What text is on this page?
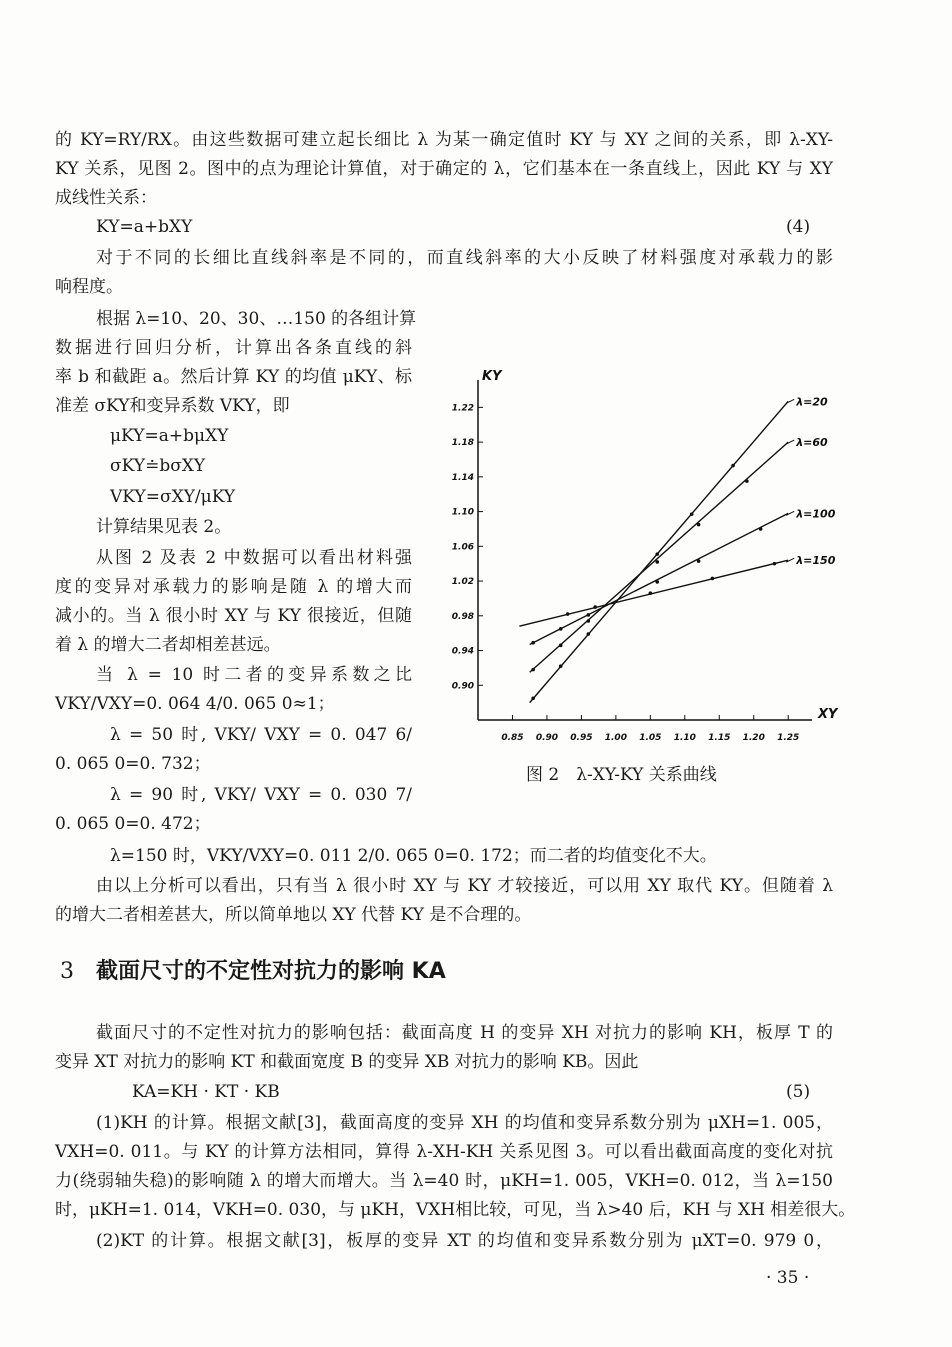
的 KY=RY/RX。由这些数据可建立起长细比 λ 为某一确定值时 KY 与 XY 之间的关系，即 λ-XY-
KY 关系，见图 2。图中的点为理论计算值，对于确定的 λ，它们基本在一条直线上，因此 KY 与 XY
成线性关系：
KY=a+bXY
对于不同的长细比直线斜率是不同的，而直线斜率的大小反映了材料强度对承载力的影
响程度。
根据 λ=10、20、30、…150 的各组计算
数据进行回归分析，计算出各条直线的斜
率 b 和截距 a。然后计算 KY 的均值 μKY、标
准差 σKY和变异系数 VKY，即
μKY=a+bμXY
σKY≐bσXY
VKY=σXY/μKY
计算结果见表 2。
从图 2 及表 2 中数据可以看出材料强
度的变异对承载力的影响是随 λ 的增大而
减小的。当 λ 很小时 XY 与 KY 很接近，但随
着 λ 的增大二者却相差甚远。
当 λ = 10 时二者的变异系数之比
VKY/VXY=0. 064 4/0. 065 0≈1；
λ = 50 时, VKY/ VXY = 0. 047 6/
0. 065 0=0. 732；
λ = 90 时, VKY/ VXY = 0. 030 7/
0. 065 0=0. 472；
λ=150 时，VKY/VXY=0. 011 2/0. 065 0=0. 172；而二者的均值变化不大。
由以上分析可以看出，只有当 λ 很小时 XY 与 KY 才较接近，可以用 XY 取代 KY。但随着 λ
的增大二者相差甚大，所以简单地以 XY 代替 KY 是不合理的。
截面尺寸的不定性对抗力的影响包括：截面高度 H 的变异 XH 对抗力的影响 KH，板厚 T 的
变异 XT 对抗力的影响 KT 和截面宽度 B 的变异 XB 对抗力的影响 KB。因此
KA=KH · KT · KB
(1)KH 的计算。根据文献[3]，截面高度的变异 XH 的均值和变异系数分别为 μXH=1. 005，
VXH=0. 011。与 KY 的计算方法相同，算得 λ-XH-KH 关系见图 3。可以看出截面高度的变化对抗
力(绕弱轴失稳)的影响随 λ 的增大而增大。当 λ=40 时，μKH=1. 005，VKH=0. 012，当 λ=150
时，μKH=1. 014，VKH=0. 030，与 μKH，VXH相比较，可见，当 λ>40 后，KH 与 XH 相差很大。
(2)KT 的计算。根据文献[3]，板厚的变异 XT 的均值和变异系数分别为 μXT=0. 979 0，
(4)
(5)
3 截面尺寸的不定性对抗力的影响 KA
0.85 0.90 0.95 1.00 1.05 1.10 1.15 1.20 1.25
0.90
0.94
0.98
1.02
1.06
1.10
1.14
1.18
1.22
KY
XY
λ=20
λ=60
λ=100
λ=150
图 2　λ-XY-KY 关系曲线
· 35 ·
